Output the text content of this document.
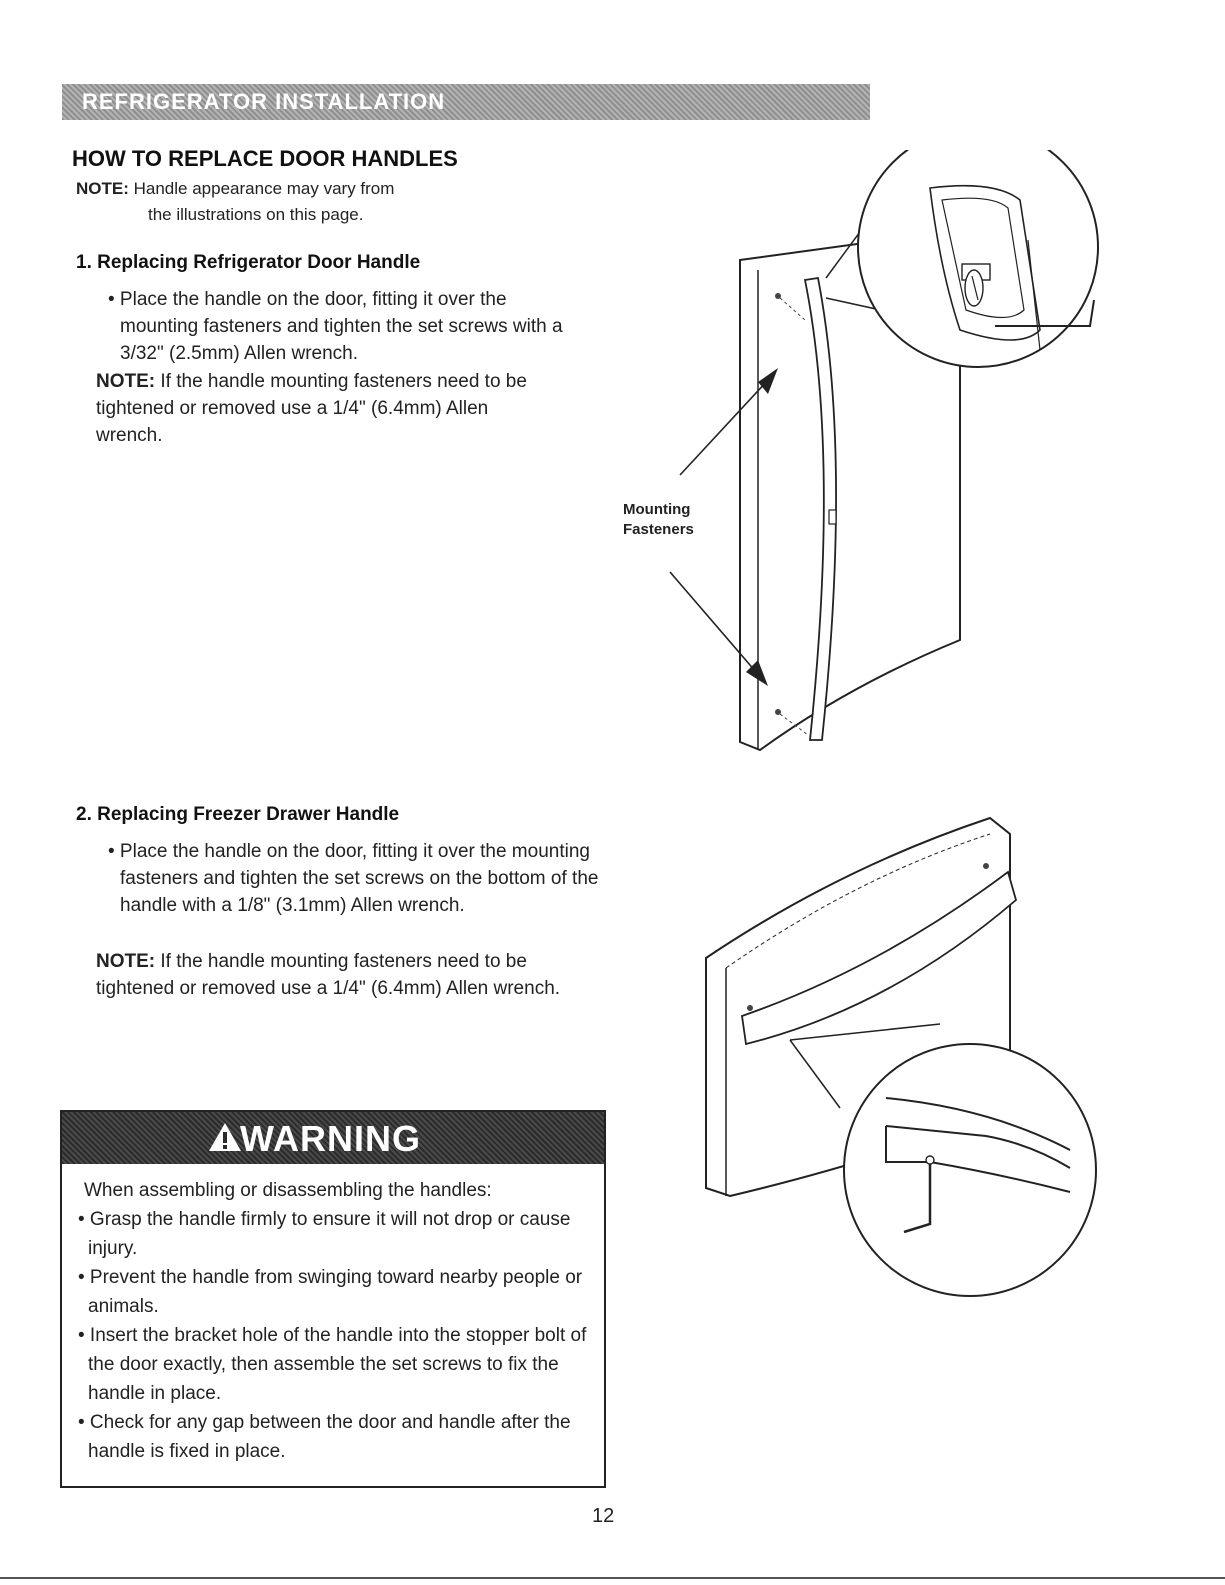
REFRIGERATOR INSTALLATION
HOW TO REPLACE DOOR HANDLES
NOTE: Handle appearance may vary from
the illustrations on this page.
1. Replacing Refrigerator Door Handle
• Place the handle on the door, fitting it over the mounting fasteners and tighten the set screws with a 3/32" (2.5mm) Allen wrench.
NOTE: If the handle mounting fasteners need to be tightened or removed use a 1/4" (6.4mm) Allen wrench.
2. Replacing Freezer Drawer Handle
• Place the handle on the door, fitting it over the mounting fasteners and tighten the set screws on the bottom of the handle with a 1/8" (3.1mm) Allen wrench.
NOTE: If the handle mounting fasteners need to be tightened or removed use a 1/4" (6.4mm) Allen wrench.
Mounting
Fasteners
WARNING
When assembling or disassembling the handles:
• Grasp the handle firmly to ensure it will not drop or cause injury.
• Prevent the handle from swinging toward nearby people or animals.
• Insert the bracket hole of the handle into the stopper bolt of the door exactly, then assemble the set screws to fix the handle in place.
• Check for any gap between the door and handle after the handle is fixed in place.
12
